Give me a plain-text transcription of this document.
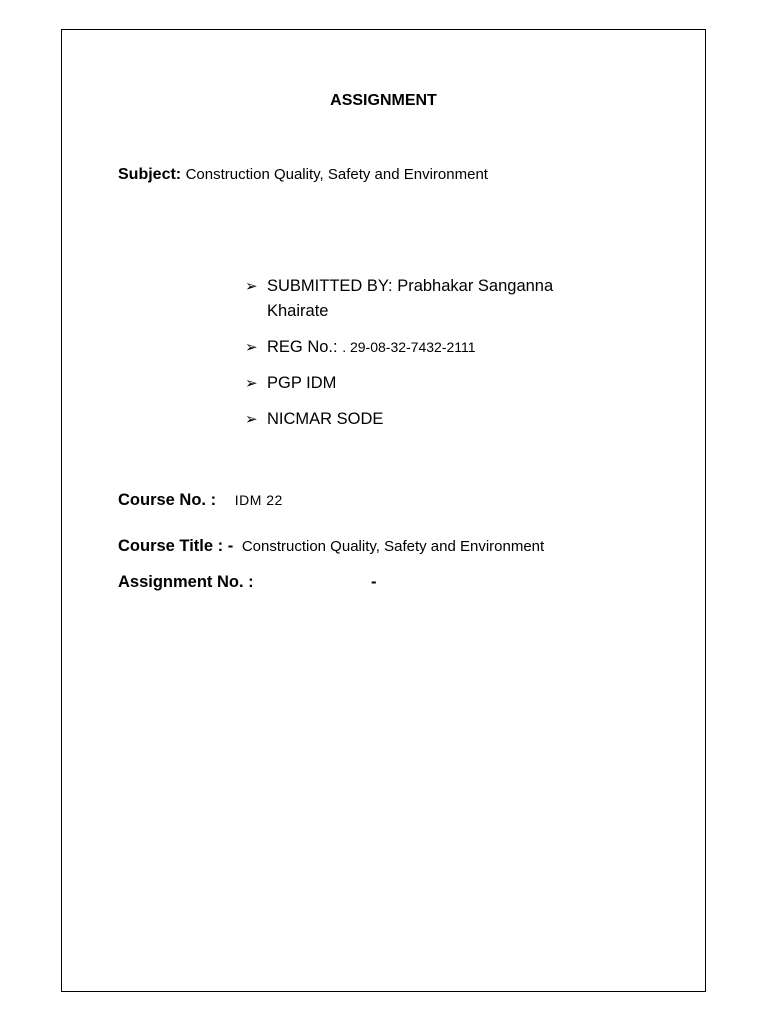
ASSIGNMENT
Subject: Construction Quality, Safety and Environment
➢ SUBMITTED BY: Prabhakar Sanganna
Khairate
➢ REG No.: . 29-08-32-7432-2111
➢ PGP IDM
➢ NICMAR SODE
Course No. : IDM 22
Course Title : - Construction Quality, Safety and Environment
Assignment No. :	-
